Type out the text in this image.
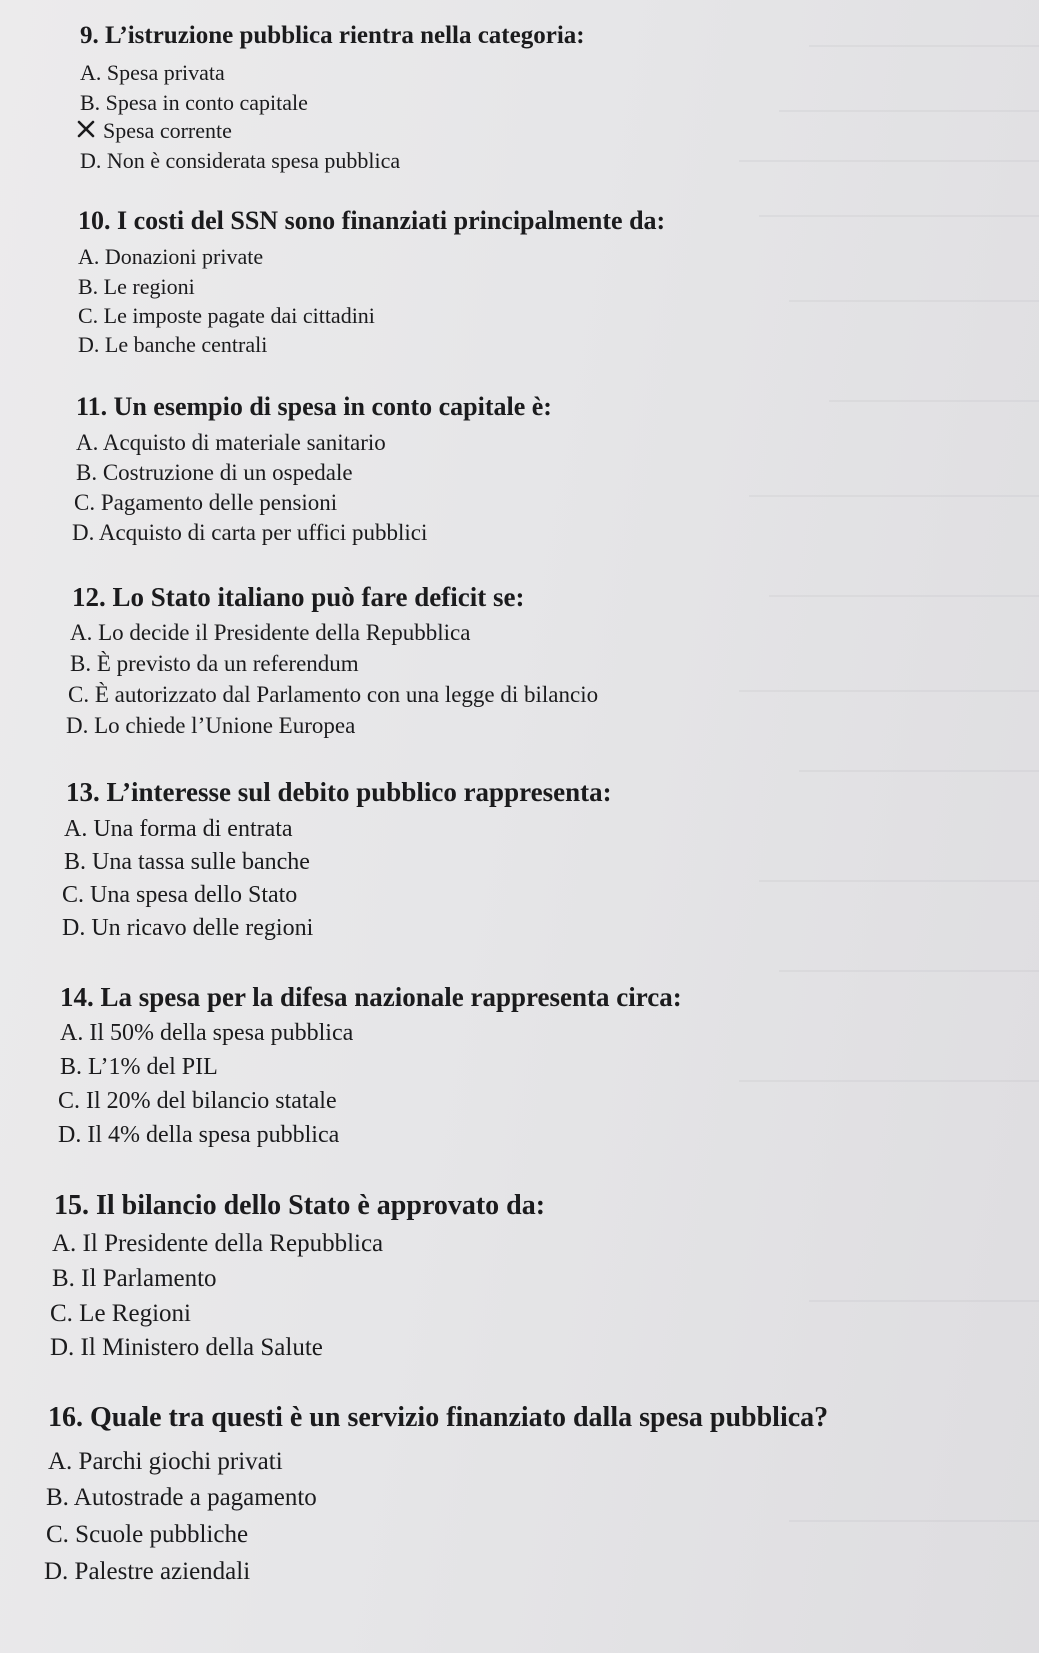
9. L’istruzione pubblica rientra nella categoria:

A. Spesa privata

B. Spesa in conto capitale

Spesa corrente

D. Non è considerata spesa pubblica

10. I costi del SSN sono finanziati principalmente da:

A. Donazioni private

B. Le regioni

C. Le imposte pagate dai cittadini

D. Le banche centrali

11. Un esempio di spesa in conto capitale è:

A. Acquisto di materiale sanitario

B. Costruzione di un ospedale

C. Pagamento delle pensioni

D. Acquisto di carta per uffici pubblici

12. Lo Stato italiano può fare deficit se:

A. Lo decide il Presidente della Repubblica

B. È previsto da un referendum

C. È autorizzato dal Parlamento con una legge di bilancio

D. Lo chiede l’Unione Europea

13. L’interesse sul debito pubblico rappresenta:

A. Una forma di entrata

B. Una tassa sulle banche

C. Una spesa dello Stato

D. Un ricavo delle regioni

14. La spesa per la difesa nazionale rappresenta circa:

A. Il 50% della spesa pubblica

B. L’1% del PIL

C. Il 20% del bilancio statale

D. Il 4% della spesa pubblica

15. Il bilancio dello Stato è approvato da:

A. Il Presidente della Repubblica

B. Il Parlamento

C. Le Regioni

D. Il Ministero della Salute

16. Quale tra questi è un servizio finanziato dalla spesa pubblica?

A. Parchi giochi privati

B. Autostrade a pagamento

C. Scuole pubbliche

D. Palestre aziendali
